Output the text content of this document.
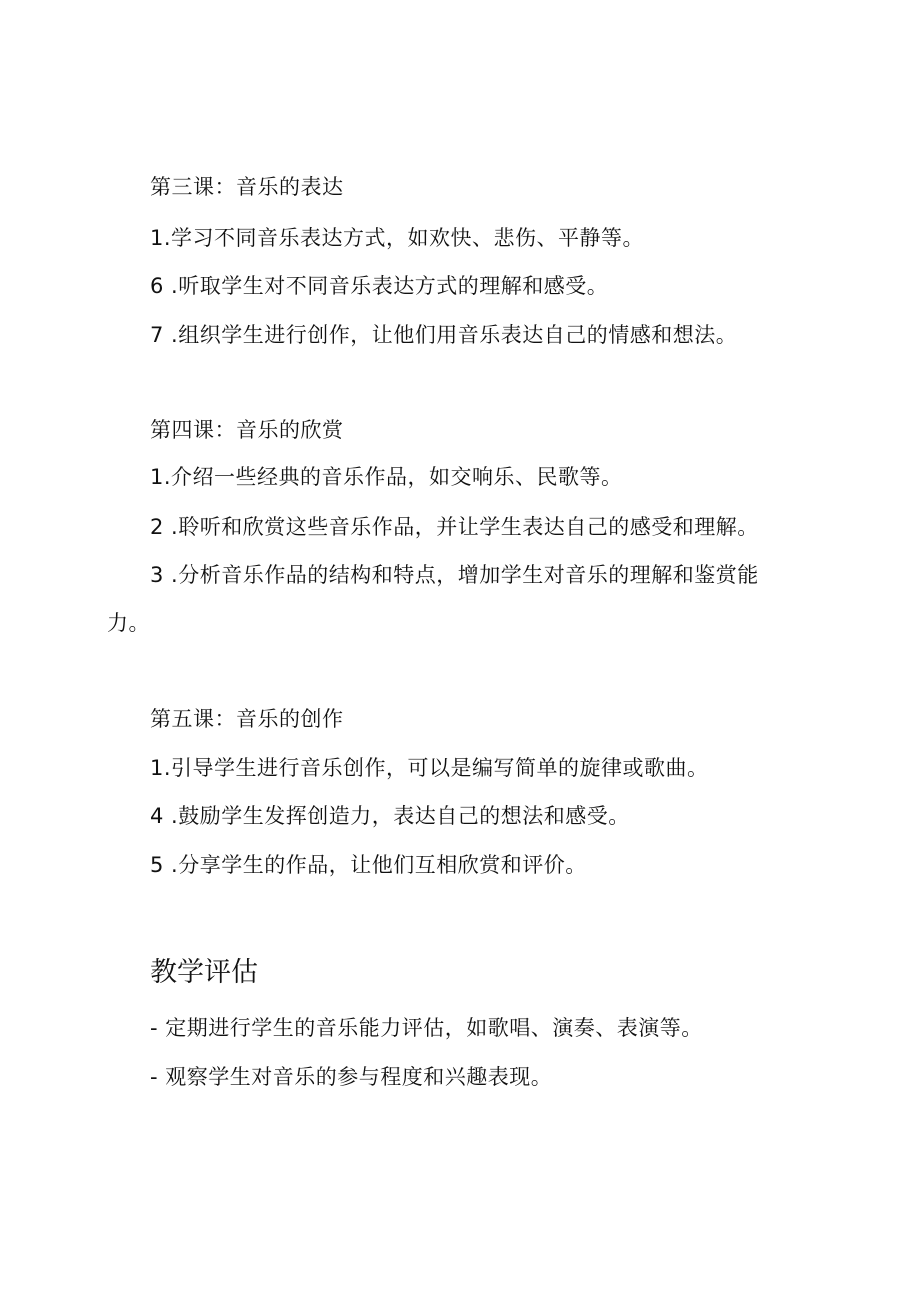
第三课：音乐的表达
1.学习不同音乐表达方式，如欢快、悲伤、平静等。
6 .听取学生对不同音乐表达方式的理解和感受。
7 .组织学生进行创作，让他们用音乐表达自己的情感和想法。
第四课：音乐的欣赏
1.介绍一些经典的音乐作品，如交响乐、民歌等。
2 .聆听和欣赏这些音乐作品，并让学生表达自己的感受和理解。
3 .分析音乐作品的结构和特点，增加学生对音乐的理解和鉴赏能
力。
第五课：音乐的创作
1.引导学生进行音乐创作，可以是编写简单的旋律或歌曲。
4 .鼓励学生发挥创造力，表达自己的想法和感受。
5 .分享学生的作品，让他们互相欣赏和评价。
教学评估
- 定期进行学生的音乐能力评估，如歌唱、演奏、表演等。
- 观察学生对音乐的参与程度和兴趣表现。
